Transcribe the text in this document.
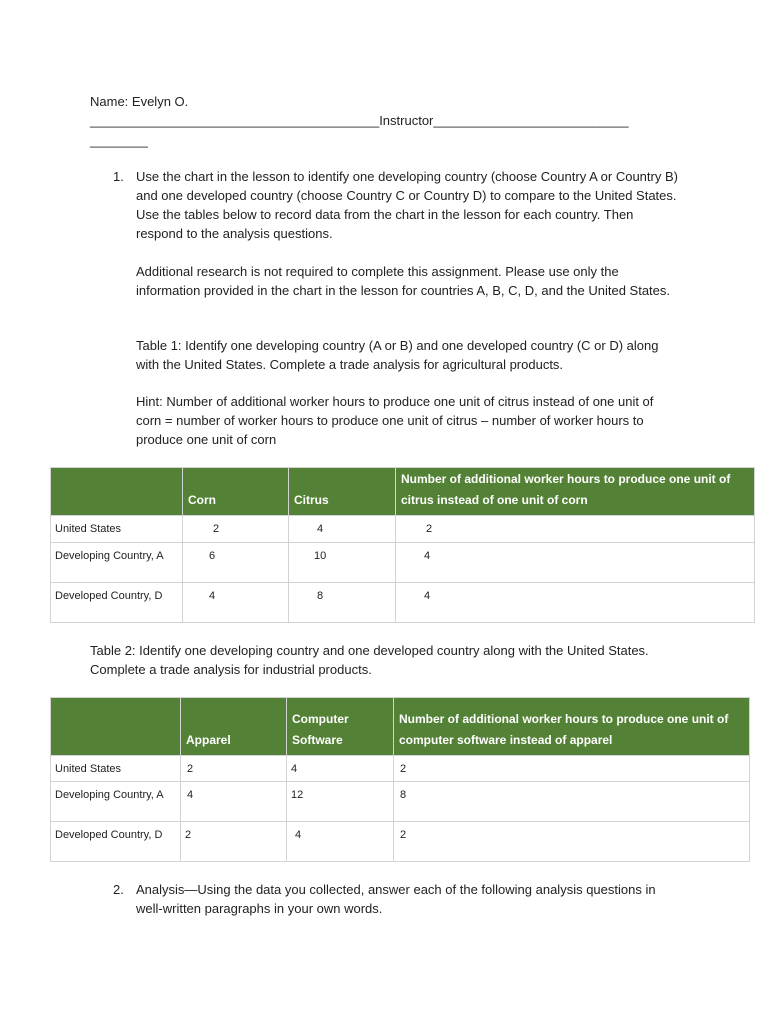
Name: Evelyn O.
________________________________________Instructor___________________________
________
1. Use the chart in the lesson to identify one developing country (choose Country A or Country B) and one developed country (choose Country C or Country D) to compare to the United States. Use the tables below to record data from the chart in the lesson for each country. Then respond to the analysis questions.
Additional research is not required to complete this assignment. Please use only the information provided in the chart in the lesson for countries A, B, C, D, and the United States.
Table 1: Identify one developing country (A or B) and one developed country (C or D) along with the United States. Complete a trade analysis for agricultural products.
Hint: Number of additional worker hours to produce one unit of citrus instead of one unit of corn = number of worker hours to produce one unit of citrus – number of worker hours to produce one unit of corn
	Corn	Citrus	Number of additional worker hours to produce one unit of citrus instead of one unit of corn
United States	2	4	2
Developing Country, A	6	10	4
Developed Country, D	4	8	4
Table 2: Identify one developing country and one developed country along with the United States. Complete a trade analysis for industrial products.
	Apparel	Computer Software	Number of additional worker hours to produce one unit of computer software instead of apparel
United States	2	4	2
Developing Country, A	4	12	8
Developed Country, D	2	4	2
2. Analysis—Using the data you collected, answer each of the following analysis questions in well-written paragraphs in your own words.
